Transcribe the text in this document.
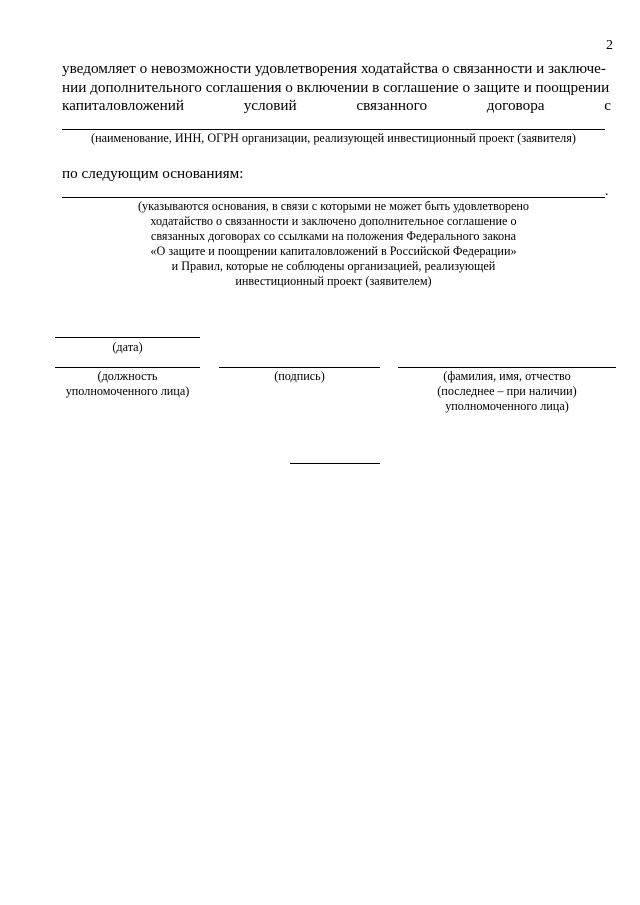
2
уведомляет о невозможности удовлетворения ходатайства о связанности и заключе-
нии дополнительного соглашения о включении в соглашение о защите и поощрении
капиталовложений условий связанного договора с
(наименование, ИНН, ОГРН организации, реализующей инвестиционный проект (заявителя)
по следующим основаниям:
.
(указываются основания, в связи с которыми не может быть удовлетворено
ходатайство о связанности и заключено дополнительное соглашение о
связанных договорах со ссылками на положения Федерального закона
«О защите и поощрении капиталовложений в Российской Федерации»
и Правил, которые не соблюдены организацией, реализующей
инвестиционный проект (заявителем)
(дата)
(должность
уполномоченного лица)
(подпись)	(фамилия, имя, отчество
(последнее – при наличии)
уполномоченного лица)
